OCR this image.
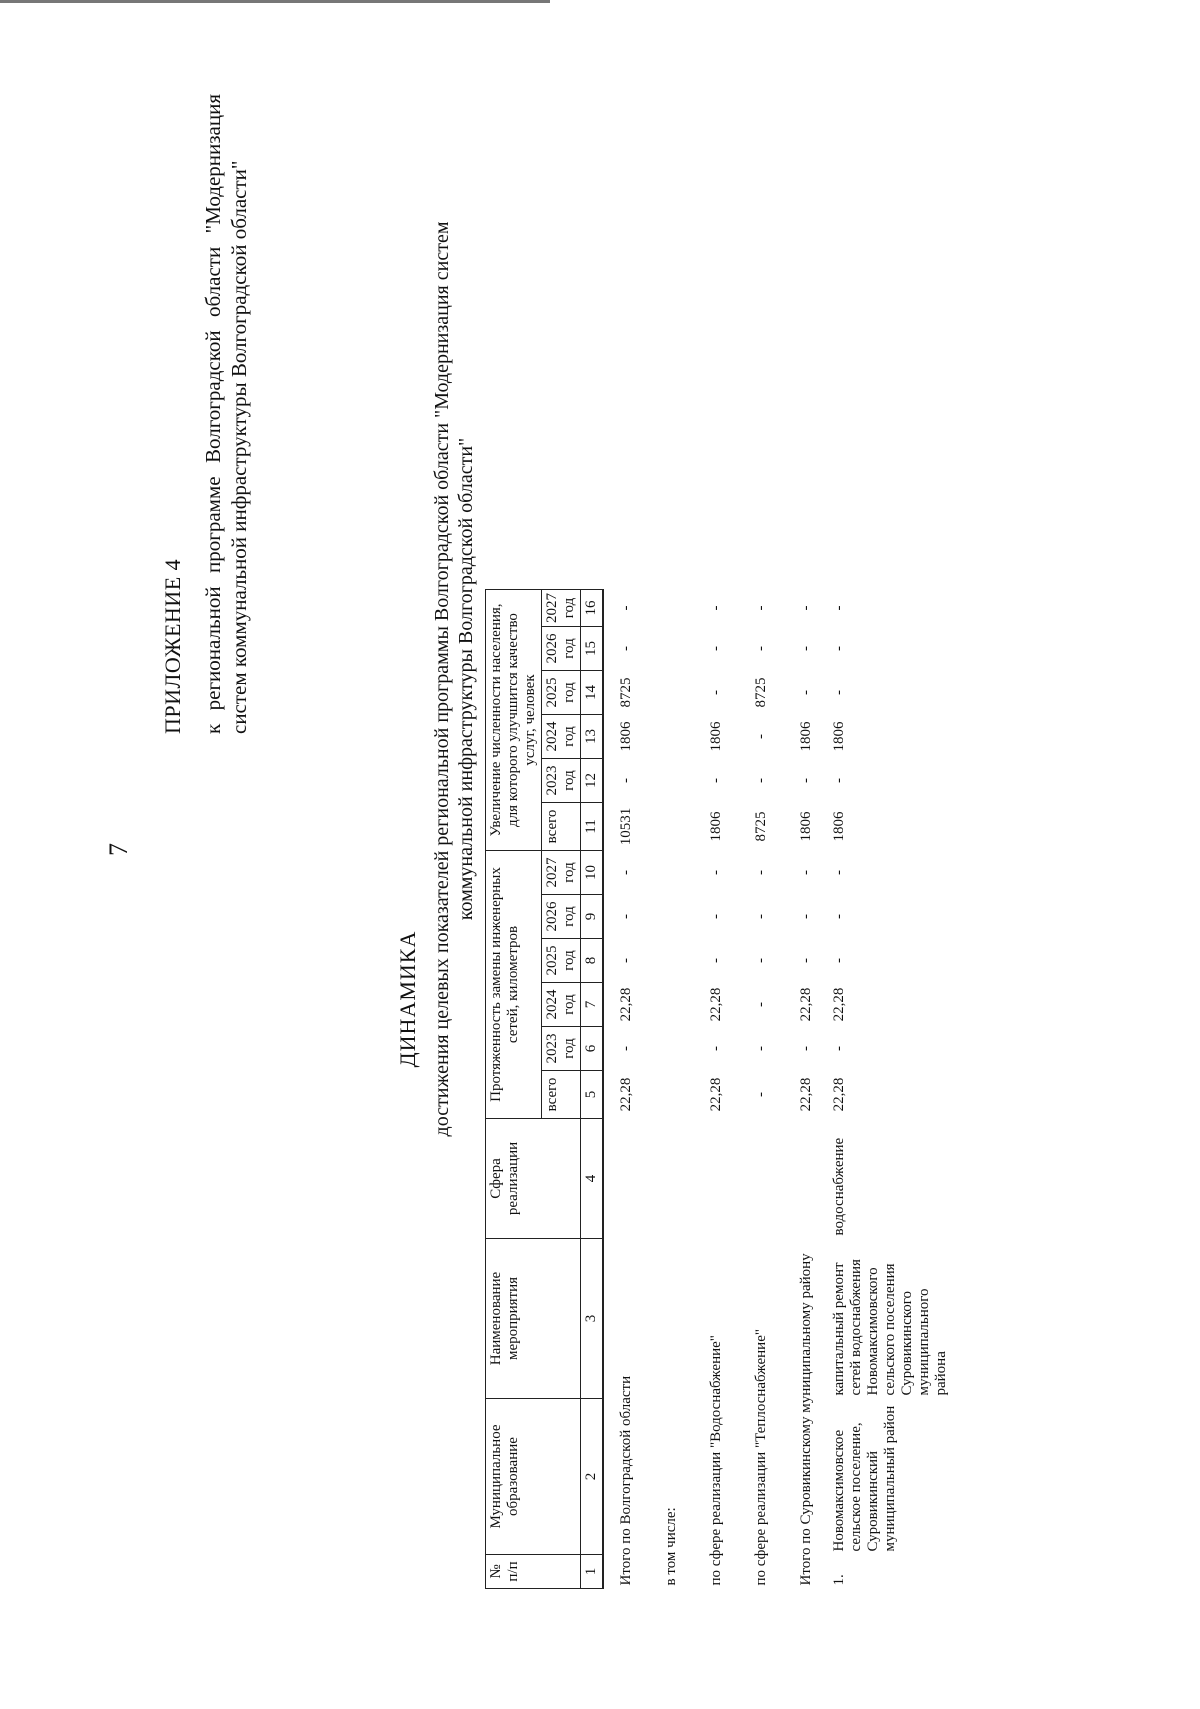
7
ПРИЛОЖЕНИЕ 4 к региональной программе Волгоградской области "Модернизация систем коммунальной инфраструктуры Волгоградской области"
ДИНАМИКА достижения целевых показателей региональной программы Волгоградской области "Модернизация систем коммунальной инфраструктуры Волгоградской области"
№ п/п	Муниципальное образование	Наименование мероприятия	Сфера реализации	Протяженность замены инженерных сетей, километров						Увеличение численности населения, для которого улучшится качество услуг, человек					
				всего	2023 год	2024 год	2025 год	2026 год	2027 год	всего	2023 год	2024 год	2025 год	2026 год	2027 год
1	2	3	4	5	6	7	8	9	10	11	12	13	14	15	16
Итого по Волгоградской области				22,28	-	22,28	-	-	-	10531	-	1806	8725	-	-
в том числе:															
по сфере реализации "Водоснабжение"				22,28	-	22,28	-	-	-	1806	-	1806	-	-	-
по сфере реализации "Теплоснабжение"				-	-	-	-	-	-	8725	-	-	8725	-	-
Итого по Суровикинскому муниципальному району				22,28	-	22,28	-	-	-	1806	-	1806	-	-	-
1.	Новомаксимовское сельское поселение, Суровикинский муниципальный район	капитальный ремонт сетей водоснабжения Новомаксимовского сельского поселения Суровикинского муниципального района	водоснабжение	22,28	-	22,28	-	-	-	1806	-	1806	-	-	-
